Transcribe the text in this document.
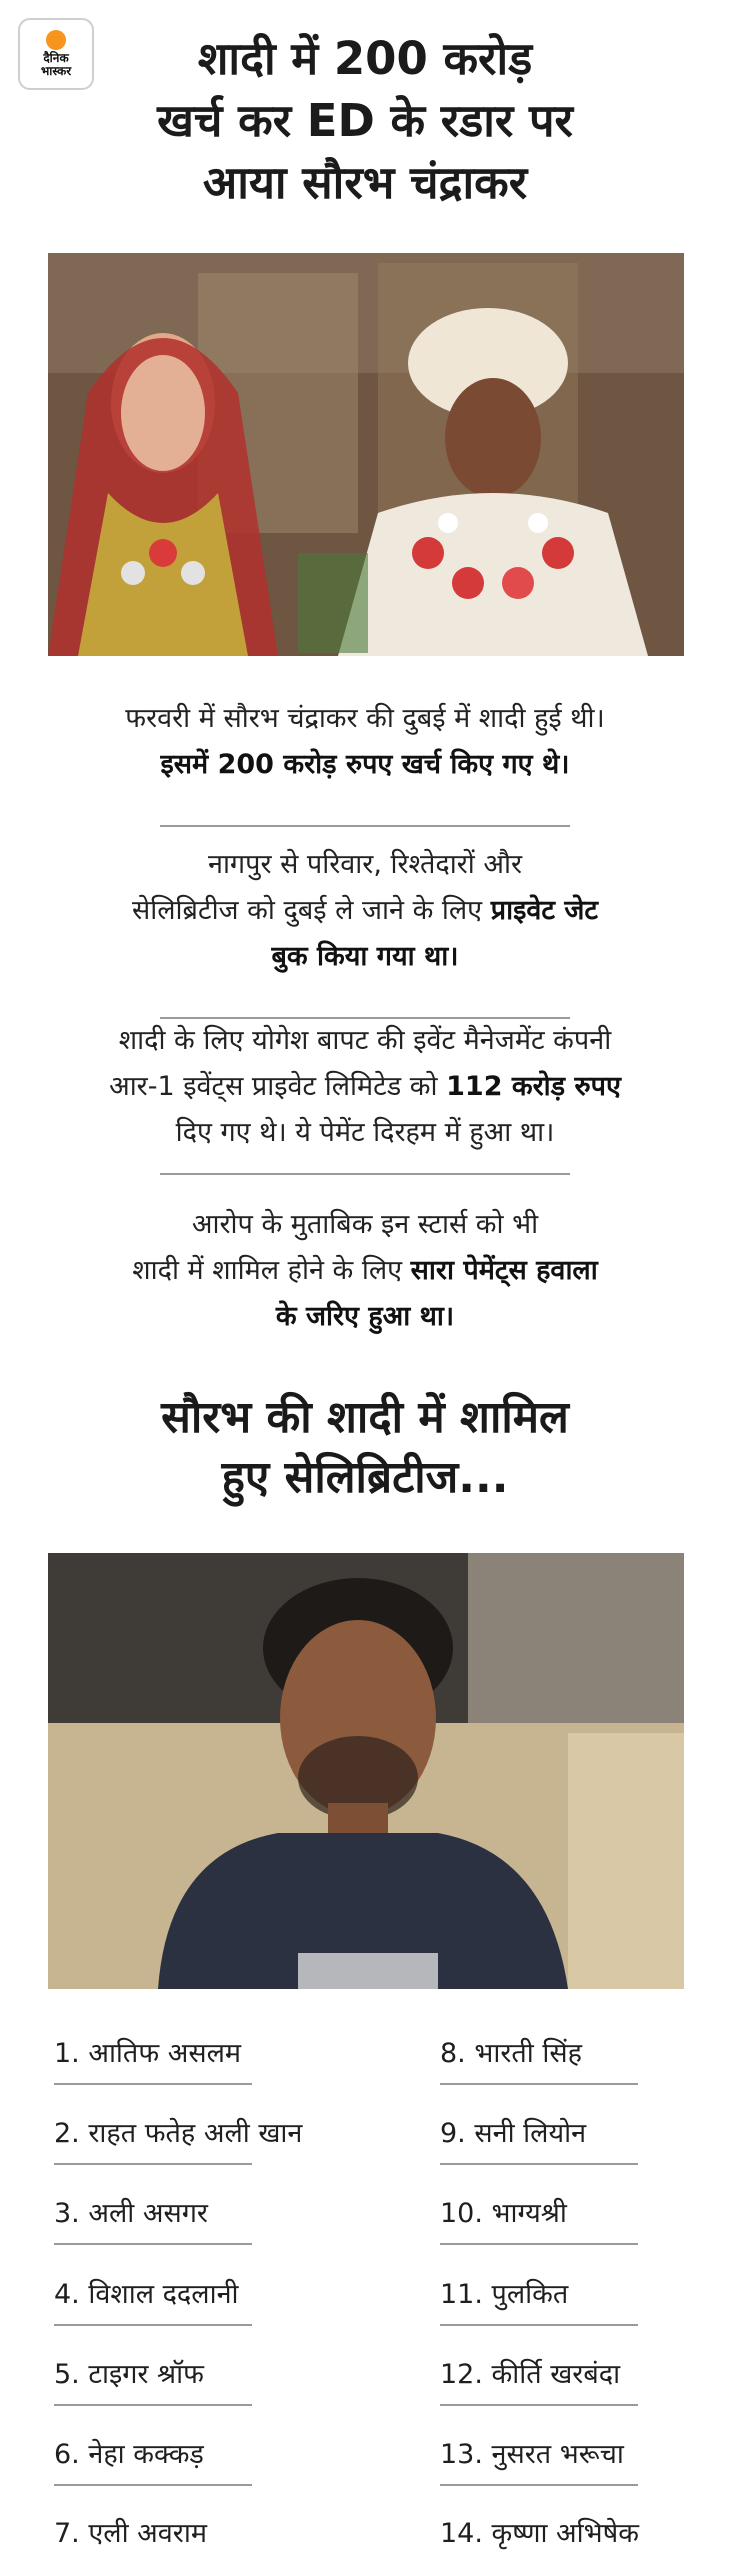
दैनिक
भास्कर	शादी में 200 करोड़
खर्च कर ED के रडार पर
आया सौरभ चंद्राकर

फरवरी में सौरभ चंद्राकर की दुबई में शादी हुई थी।
इसमें 200 करोड़ रुपए खर्च किए गए थे।

नागपुर से परिवार, रिश्तेदारों और
सेलिब्रिटीज को दुबई ले जाने के लिए प्राइवेट जेट
बुक किया गया था।

शादी के लिए योगेश बापट की इवेंट मैनेजमेंट कंपनी
आर-1 इवेंट्स प्राइवेट लिमिटेड को 112 करोड़ रुपए
दिए गए थे। ये पेमेंट दिरहम में हुआ था।

आरोप के मुताबिक इन स्टार्स को भी
शादी में शामिल होने के लिए सारा पेमेंट्स हवाला
के जरिए हुआ था।

सौरभ की शादी में शामिल
हुए सेलिब्रिटीज...
1. आतिफ असलम
2. राहत फतेह अली खान
3. अली असगर
4. विशाल ददलानी
5. टाइगर श्रॉफ
6. नेहा कक्कड़
7. एली अवराम
8. भारती सिंह
9. सनी लियोन
10. भाग्यश्री
11. पुलकित
12. कीर्ति खरबंदा
13. नुसरत भरूचा
14. कृष्णा अभिषेक
